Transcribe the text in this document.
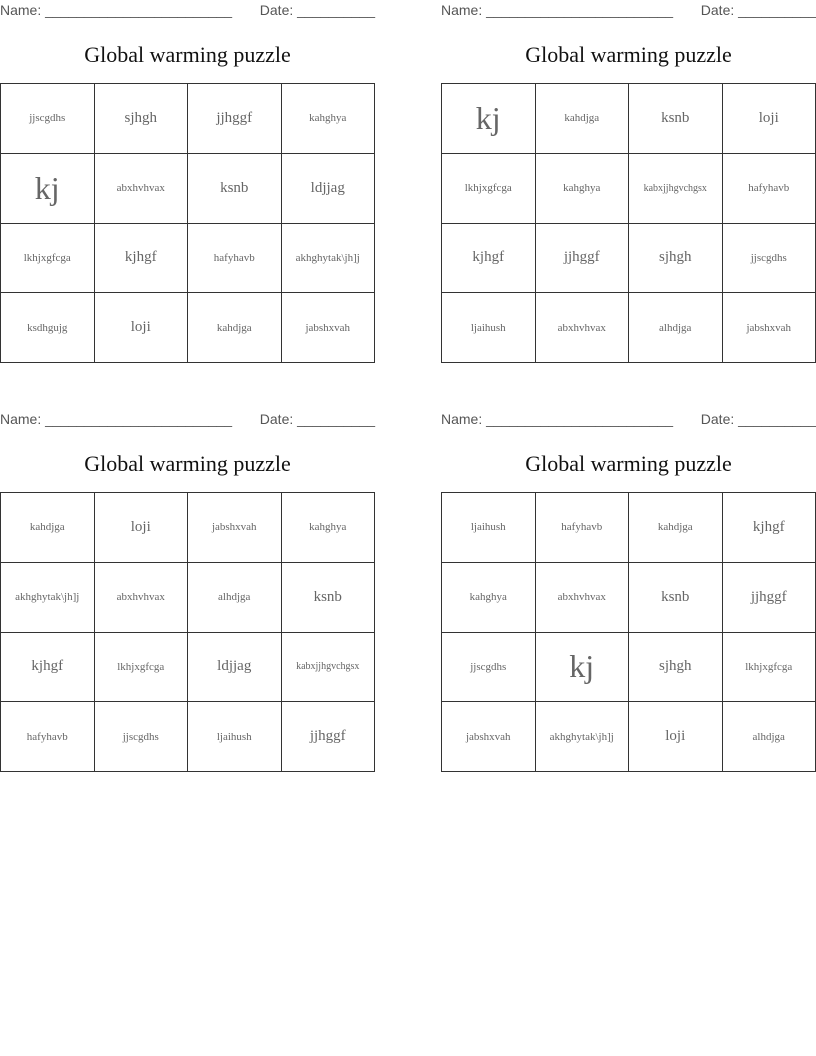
Name: ________________________ Date: __________
Global warming puzzle
jjscgdhs	sjhgh	jjhggf	kahghya
kj	abxhvhvax	ksnb	ldjjag
lkhjxgfcga	kjhgf	hafyhavb	akhghytak\jh]j
ksdhgujg	loji	kahdjga	jabshxvah
Name: ________________________ Date: __________
Global warming puzzle
kj	kahdjga	ksnb	loji
lkhjxgfcga	kahghya	kabxjjhgvchgsx	hafyhavb
kjhgf	jjhggf	sjhgh	jjscgdhs
ljaihush	abxhvhvax	alhdjga	jabshxvah
Name: ________________________ Date: __________
Global warming puzzle
kahdjga	loji	jabshxvah	kahghya
akhghytak\jh]j	abxhvhvax	alhdjga	ksnb
kjhgf	lkhjxgfcga	ldjjag	kabxjjhgvchgsx
hafyhavb	jjscgdhs	ljaihush	jjhggf
Name: ________________________ Date: __________
Global warming puzzle
ljaihush	hafyhavb	kahdjga	kjhgf
kahghya	abxhvhvax	ksnb	jjhggf
jjscgdhs	kj	sjhgh	lkhjxgfcga
jabshxvah	akhghytak\jh]j	loji	alhdjga
